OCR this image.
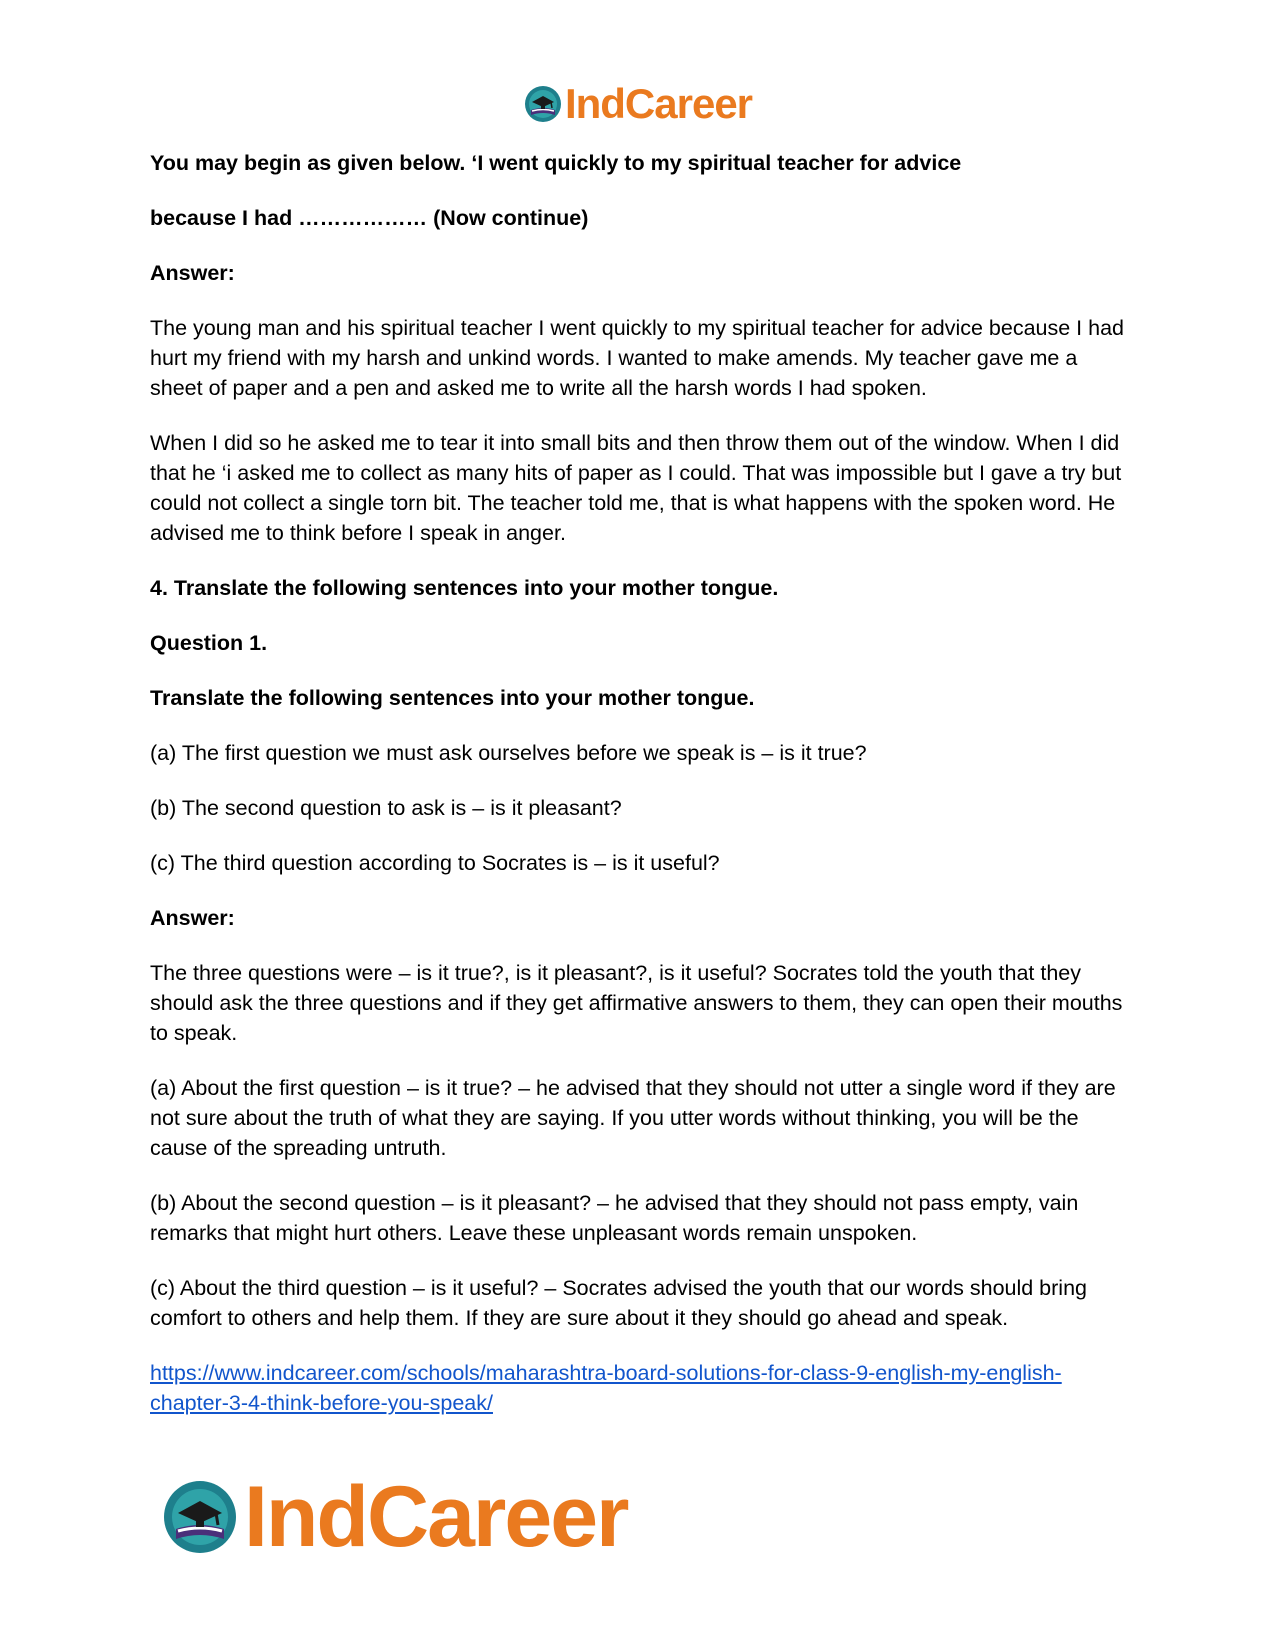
IndCareer

You may begin as given below. ‘I went quickly to my spiritual teacher for advice

because I had ……………… (Now continue)

Answer:

The young man and his spiritual teacher I went quickly to my spiritual teacher for advice because I had hurt my friend with my harsh and unkind words. I wanted to make amends. My teacher gave me a sheet of paper and a pen and asked me to write all the harsh words I had spoken.

When I did so he asked me to tear it into small bits and then throw them out of the window. When I did that he ‘i asked me to collect as many hits of paper as I could. That was impossible but I gave a try but could not collect a single torn bit. The teacher told me, that is what happens with the spoken word. He advised me to think before I speak in anger.

4. Translate the following sentences into your mother tongue.

Question 1.

Translate the following sentences into your mother tongue.

(a) The first question we must ask ourselves before we speak is – is it true?

(b) The second question to ask is – is it pleasant?

(c) The third question according to Socrates is – is it useful?

Answer:

The three questions were – is it true?, is it pleasant?, is it useful? Socrates told the youth that they should ask the three questions and if they get affirmative answers to them, they can open their mouths to speak.

(a) About the first question – is it true? – he advised that they should not utter a single word if they are not sure about the truth of what they are saying. If you utter words without thinking, you will be the cause of the spreading untruth.

(b) About the second question – is it pleasant? – he advised that they should not pass empty, vain remarks that might hurt others. Leave these unpleasant words remain unspoken.

(c) About the third question – is it useful? – Socrates advised the youth that our words should bring comfort to others and help them. If they are sure about it they should go ahead and speak.

https://www.indcareer.com/schools/maharashtra-board-solutions-for-class-9-english-my-english-chapter-3-4-think-before-you-speak/
IndCareer
